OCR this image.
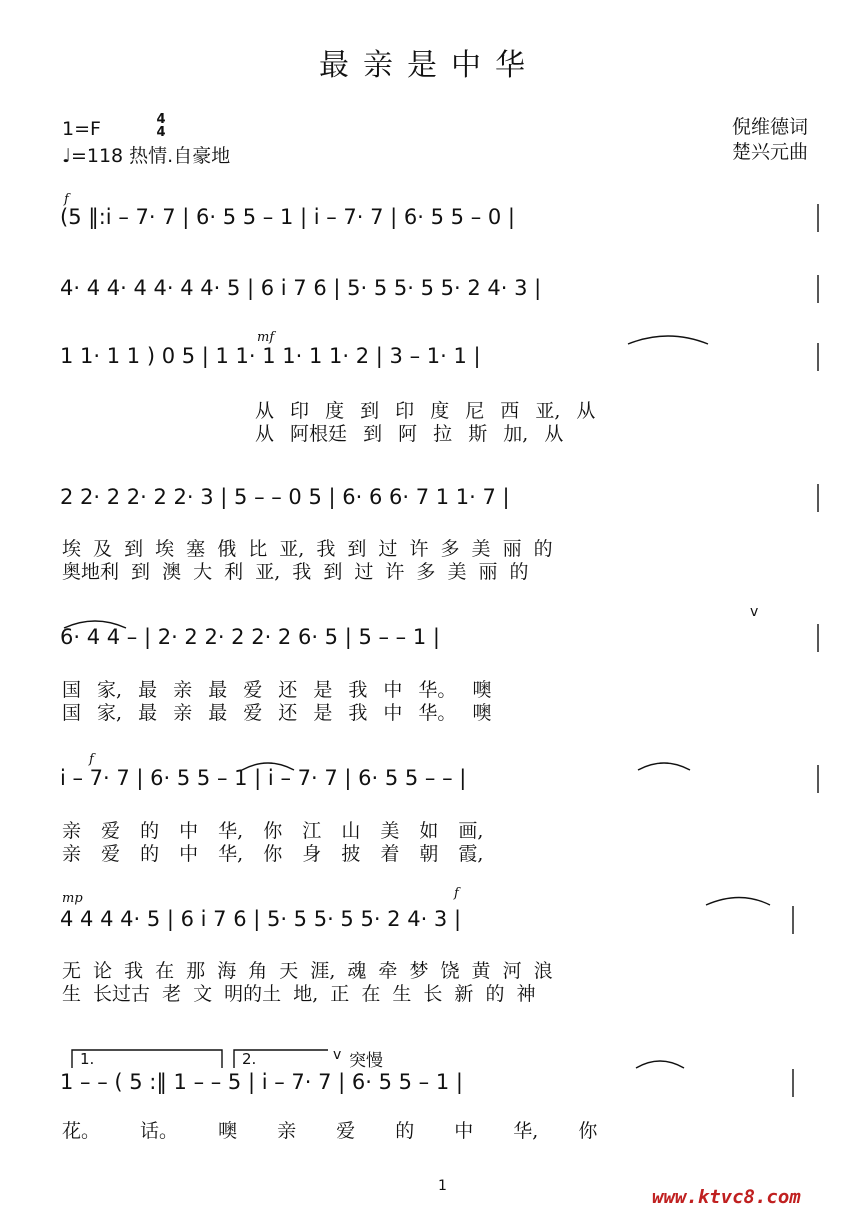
最亲是中华
1=F	4
4
♩=118 热情.自豪地
倪维德词
楚兴元曲
f
mf
f
mp	f
v
v 突慢
1.	2.
(5 ‖:i – 7· 7 | 6· 5 5 – 1 | i – 7· 7 | 6· 5 5 – 0 |
4· 4 4· 4 4· 4 4· 5 | 6 i 7 6 | 5· 5 5· 5 5· 2 4· 3 |
1 1· 1 1 ) 0 5 | 1 1· 1 1· 1 1· 2 | 3 – 1· 1 |
2 2· 2 2· 2 2· 3 | 5 – – 0 5 | 6· 6 6· 7 1 1· 7 |
6· 4 4 – | 2· 2 2· 2 2· 2 6· 5 | 5 – – 1 |
i – 7· 7 | 6· 5 5 – 1 | i – 7· 7 | 6· 5 5 – – |
4 4 4 4· 5 | 6 i 7 6 | 5· 5 5· 5 5· 2 4· 3 |
1 – – ( 5 :‖ 1 – – 5 | i – 7· 7 | 6· 5 5 – 1 |
从 印 度 到 印 度 尼 西 亚, 从
从 阿根廷 到 阿 拉 斯 加, 从
埃 及 到 埃 塞 俄 比 亚, 我 到 过 许 多 美 丽 的
奥地利 到 澳 大 利 亚, 我 到 过 许 多 美 丽 的
国 家, 最 亲 最 爱 还 是 我 中 华。 噢
国 家, 最 亲 最 爱 还 是 我 中 华。 噢
亲 爱 的 中 华, 你 江 山 美 如 画,
亲 爱 的 中 华, 你 身 披 着 朝 霞,
无 论 我 在 那 海 角 天 涯, 魂 牵 梦 饶 黄 河 浪
生 长过古 老 文 明的土 地, 正 在 生 长 新 的 神
花。 话。 噢 亲 爱 的 中 华, 你
1	www.ktvc8.com
